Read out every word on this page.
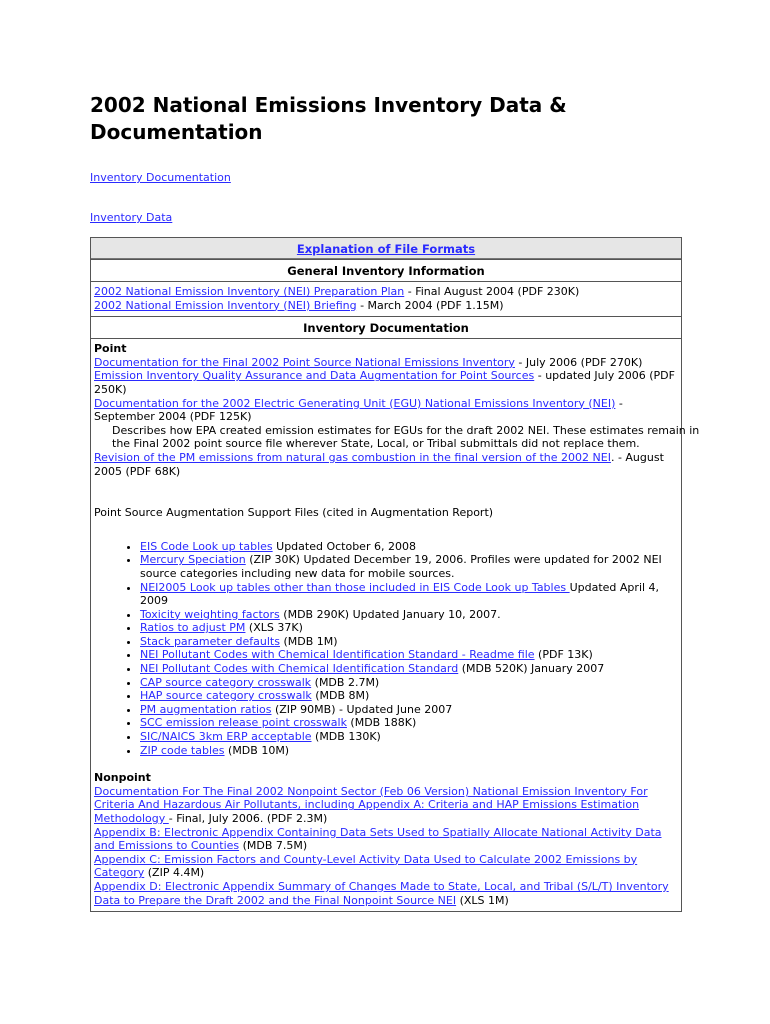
2002 National Emissions Inventory Data & Documentation
Inventory Documentation
Inventory Data
Explanation of File Formats
General Inventory Information

2002 National Emission Inventory (NEI) Preparation Plan - Final August 2004 (PDF 230K)

2002 National Emission Inventory (NEI) Briefing - March 2004 (PDF 1.15M)

Inventory Documentation

Point

Documentation for the Final 2002 Point Source National Emissions Inventory - July 2006 (PDF 270K)

Emission Inventory Quality Assurance and Data Augmentation for Point Sources - updated July 2006 (PDF 250K)

Documentation for the 2002 Electric Generating Unit (EGU) National Emissions Inventory (NEI) - September 2004 (PDF 125K)

Describes how EPA created emission estimates for EGUs for the draft 2002 NEI. These estimates remain in the Final 2002 point source file wherever State, Local, or Tribal submittals did not replace them.

Revision of the PM emissions from natural gas combustion in the final version of the 2002 NEI. - August 2005 (PDF 68K)

Point Source Augmentation Support Files (cited in Augmentation Report)

• EIS Code Look up tables Updated October 6, 2008
• Mercury Speciation (ZIP 30K) Updated December 19, 2006. Profiles were updated for 2002 NEI source categories including new data for mobile sources.
• NEI2005 Look up tables other than those included in EIS Code Look up Tables Updated April 4, 2009
• Toxicity weighting factors (MDB 290K) Updated January 10, 2007.
• Ratios to adjust PM (XLS 37K)
• Stack parameter defaults (MDB 1M)
• NEI Pollutant Codes with Chemical Identification Standard - Readme file (PDF 13K)
• NEI Pollutant Codes with Chemical Identification Standard (MDB 520K) January 2007
• CAP source category crosswalk (MDB 2.7M)
• HAP source category crosswalk (MDB 8M)
• PM augmentation ratios (ZIP 90MB) - Updated June 2007
• SCC emission release point crosswalk (MDB 188K)
• SIC/NAICS 3km ERP acceptable (MDB 130K)
• ZIP code tables (MDB 10M)

Nonpoint

Documentation For The Final 2002 Nonpoint Sector (Feb 06 Version) National Emission Inventory For Criteria And Hazardous Air Pollutants, including Appendix A: Criteria and HAP Emissions Estimation Methodology - Final, July 2006. (PDF 2.3M)

Appendix B: Electronic Appendix Containing Data Sets Used to Spatially Allocate National Activity Data and Emissions to Counties (MDB 7.5M)

Appendix C: Emission Factors and County-Level Activity Data Used to Calculate 2002 Emissions by Category (ZIP 4.4M)

Appendix D: Electronic Appendix Summary of Changes Made to State, Local, and Tribal (S/L/T) Inventory Data to Prepare the Draft 2002 and the Final Nonpoint Source NEI (XLS 1M)
